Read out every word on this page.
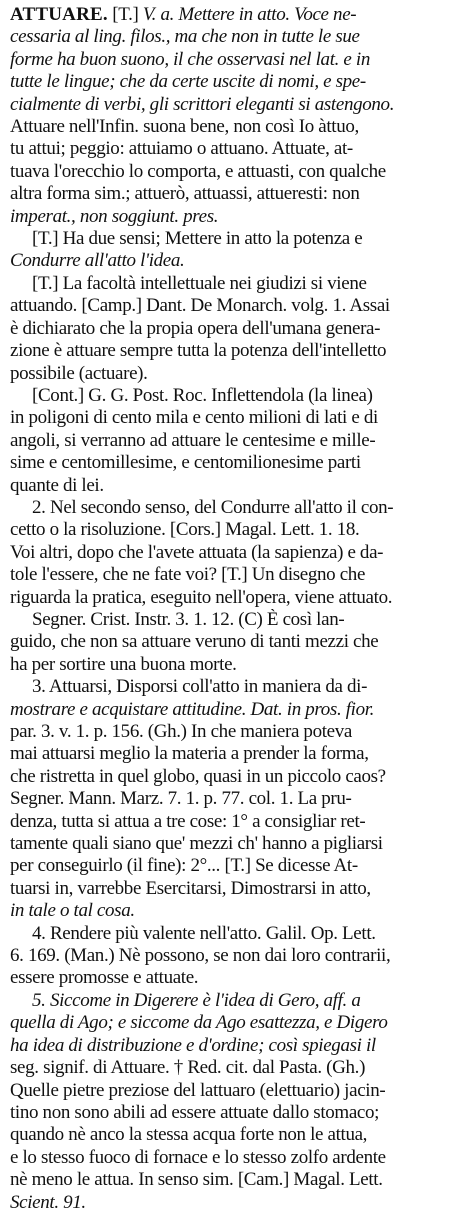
ATTUARE. [T.] V. a. Mettere in atto. Voce ne-
cessaria al ling. filos., ma che non in tutte le sue
forme ha buon suono, il che osservasi nel lat. e in
tutte le lingue; che da certe uscite di nomi, e spe-
cialmente di verbi, gli scrittori eleganti si astengono.
Attuare nell'Infin. suona bene, non così Io àttuo,
tu attui; peggio: attuiamo o attuano. Attuate, at-
tuava l'orecchio lo comporta, e attuasti, con qualche
altra forma sim.; attuerò, attuassi, attueresti: non
imperat., non soggiunt. pres.
[T.] Ha due sensi; Mettere in atto la potenza e
Condurre all'atto l'idea.
[T.] La facoltà intellettuale nei giudizi si viene
attuando. [Camp.] Dant. De Monarch. volg. 1. Assai
è dichiarato che la propia opera dell'umana genera-
zione è attuare sempre tutta la potenza dell'intelletto
possibile (actuare).
[Cont.] G. G. Post. Roc. Inflettendola (la linea)
in poligoni di cento mila e cento milioni di lati e di
angoli, si verranno ad attuare le centesime e mille-
sime e centomillesime, e centomilionesime parti
quante di lei.
2. Nel secondo senso, del Condurre all'atto il con-
cetto o la risoluzione. [Cors.] Magal. Lett. 1. 18.
Voi altri, dopo che l'avete attuata (la sapienza) e da-
tole l'essere, che ne fate voi? [T.] Un disegno che
riguarda la pratica, eseguito nell'opera, viene attuato.
Segner. Crist. Instr. 3. 1. 12. (C) È così lan-
guido, che non sa attuare veruno di tanti mezzi che
ha per sortire una buona morte.
3. Attuarsi, Disporsi coll'atto in maniera da di-
mostrare e acquistare attitudine. Dat. in pros. fior.
par. 3. v. 1. p. 156. (Gh.) In che maniera poteva
mai attuarsi meglio la materia a prender la forma,
che ristretta in quel globo, quasi in un piccolo caos?
Segner. Mann. Marz. 7. 1. p. 77. col. 1. La pru-
denza, tutta si attua a tre cose: 1° a consigliar ret-
tamente quali siano que' mezzi ch' hanno a pigliarsi
per conseguirlo (il fine): 2°... [T.] Se dicesse At-
tuarsi in, varrebbe Esercitarsi, Dimostrarsi in atto,
in tale o tal cosa.
4. Rendere più valente nell'atto. Galil. Op. Lett.
6. 169. (Man.) Nè possono, se non dai loro contrarii,
essere promosse e attuate.
5. Siccome in Digerere è l'idea di Gero, aff. a
quella di Ago; e siccome da Ago esattezza, e Digero
ha idea di distribuzione e d'ordine; così spiegasi il
seg. signif. di Attuare. † Red. cit. dal Pasta. (Gh.)
Quelle pietre preziose del lattuaro (elettuario) jacin-
tino non sono abili ad essere attuate dallo stomaco;
quando nè anco la stessa acqua forte non le attua,
e lo stesso fuoco di fornace e lo stesso zolfo ardente
nè meno le attua. In senso sim. [Cam.] Magal. Lett.
Scient. 91.
